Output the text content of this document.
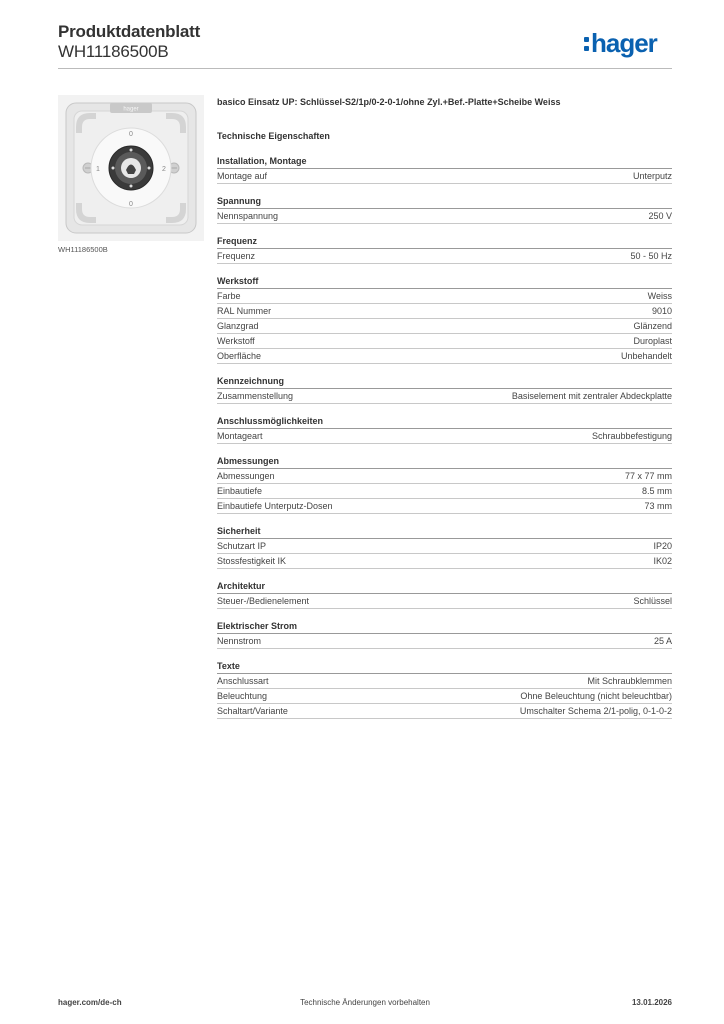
Produktdatenblatt
WH11186500B	hager
hager
0
1	2
0
WH11186500B
basico Einsatz UP: Schlüssel-S2/1p/0-2-0-1/ohne Zyl.+Bef.-Platte+Scheibe Weiss
Technische Eigenschaften
Installation, Montage
Montage auf	Unterputz
Spannung
Nennspannung	250 V
Frequenz
Frequenz	50 - 50 Hz
Werkstoff
Farbe	Weiss
RAL Nummer	9010
Glanzgrad	Glänzend
Werkstoff	Duroplast
Oberfläche	Unbehandelt
Kennzeichnung
Zusammenstellung	Basiselement mit zentraler Abdeckplatte
Anschlussmöglichkeiten
Montageart	Schraubbefestigung
Abmessungen
Abmessungen	77 x 77 mm
Einbautiefe	8.5 mm
Einbautiefe Unterputz-Dosen	73 mm
Sicherheit
Schutzart IP	IP20
Stossfestigkeit IK	IK02
Architektur
Steuer-/Bedienelement	Schlüssel
Elektrischer Strom
Nennstrom	25 A
Texte
Anschlussart	Mit Schraubklemmen
Beleuchtung	Ohne Beleuchtung (nicht beleuchtbar)
Schaltart/Variante	Umschalter Schema 2/1-polig, 0-1-0-2
hager.com/de-ch	Technische Änderungen vorbehalten	13.01.2026
